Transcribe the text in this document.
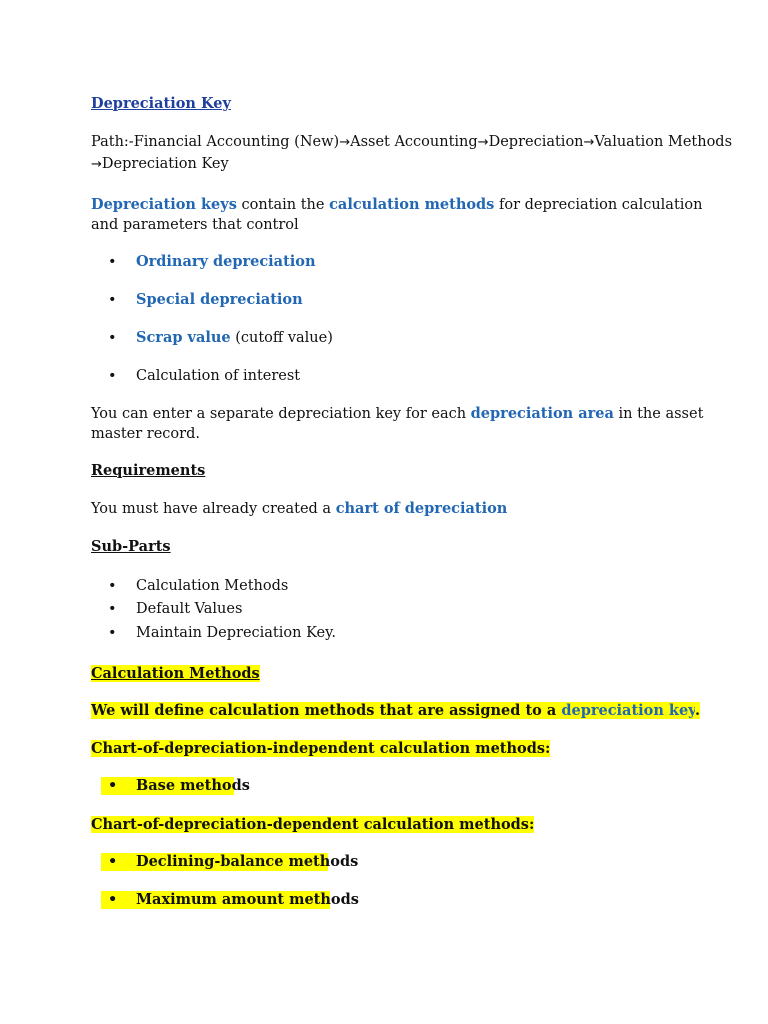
Depreciation Key
Path:-Financial Accounting (New)→Asset Accounting→Depreciation→Valuation Methods
→Depreciation Key
Depreciation keys contain the calculation methods for depreciation calculation
and parameters that control
• Ordinary depreciation
• Special depreciation
• Scrap value (cutoff value)
• Calculation of interest
You can enter a separate depreciation key for each depreciation area in the asset
master record.
Requirements
You must have already created a chart of depreciation
Sub-Parts
• Calculation Methods
• Default Values
• Maintain Depreciation Key.
Calculation Methods
We will define calculation methods that are assigned to a depreciation key.
Chart-of-depreciation-independent calculation methods:
• Base methods
Chart-of-depreciation-dependent calculation methods:
• Declining-balance methods
• Maximum amount methods
